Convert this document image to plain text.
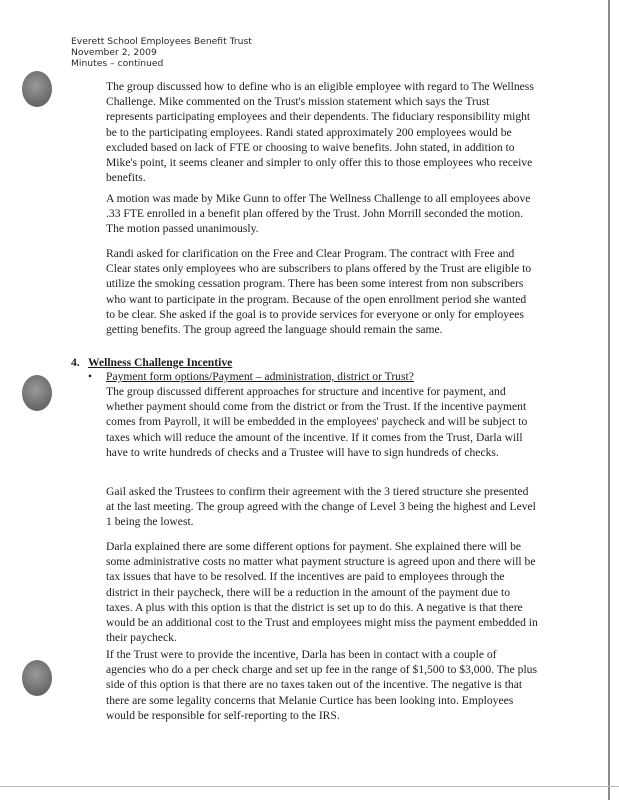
Everett School Employees Benefit Trust
November 2, 2009
Minutes – continued

The group discussed how to define who is an eligible employee with regard to The Wellness Challenge. Mike commented on the Trust's mission statement which says the Trust represents participating employees and their dependents. The fiduciary responsibility might be to the participating employees. Randi stated approximately 200 employees would be excluded based on lack of FTE or choosing to waive benefits. John stated, in addition to Mike's point, it seems cleaner and simpler to only offer this to those employees who receive benefits.

A motion was made by Mike Gunn to offer The Wellness Challenge to all employees above .33 FTE enrolled in a benefit plan offered by the Trust. John Morrill seconded the motion. The motion passed unanimously.

Randi asked for clarification on the Free and Clear Program. The contract with Free and Clear states only employees who are subscribers to plans offered by the Trust are eligible to utilize the smoking cessation program. There has been some interest from non subscribers who want to participate in the program. Because of the open enrollment period she wanted to be clear. She asked if the goal is to provide services for everyone or only for employees getting benefits. The group agreed the language should remain the same.

4. Wellness Challenge Incentive
• Payment form options/Payment – administration, district or Trust?

The group discussed different approaches for structure and incentive for payment, and whether payment should come from the district or from the Trust. If the incentive payment comes from Payroll, it will be embedded in the employees' paycheck and will be subject to taxes which will reduce the amount of the incentive. If it comes from the Trust, Darla will have to write hundreds of checks and a Trustee will have to sign hundreds of checks.

Gail asked the Trustees to confirm their agreement with the 3 tiered structure she presented at the last meeting. The group agreed with the change of Level 3 being the highest and Level 1 being the lowest.

Darla explained there are some different options for payment. She explained there will be some administrative costs no matter what payment structure is agreed upon and there will be tax issues that have to be resolved. If the incentives are paid to employees through the district in their paycheck, there will be a reduction in the amount of the payment due to taxes. A plus with this option is that the district is set up to do this. A negative is that there would be an additional cost to the Trust and employees might miss the payment embedded in their paycheck.

If the Trust were to provide the incentive, Darla has been in contact with a couple of agencies who do a per check charge and set up fee in the range of $1,500 to $3,000. The plus side of this option is that there are no taxes taken out of the incentive. The negative is that there are some legality concerns that Melanie Curtice has been looking into. Employees would be responsible for self-reporting to the IRS.
